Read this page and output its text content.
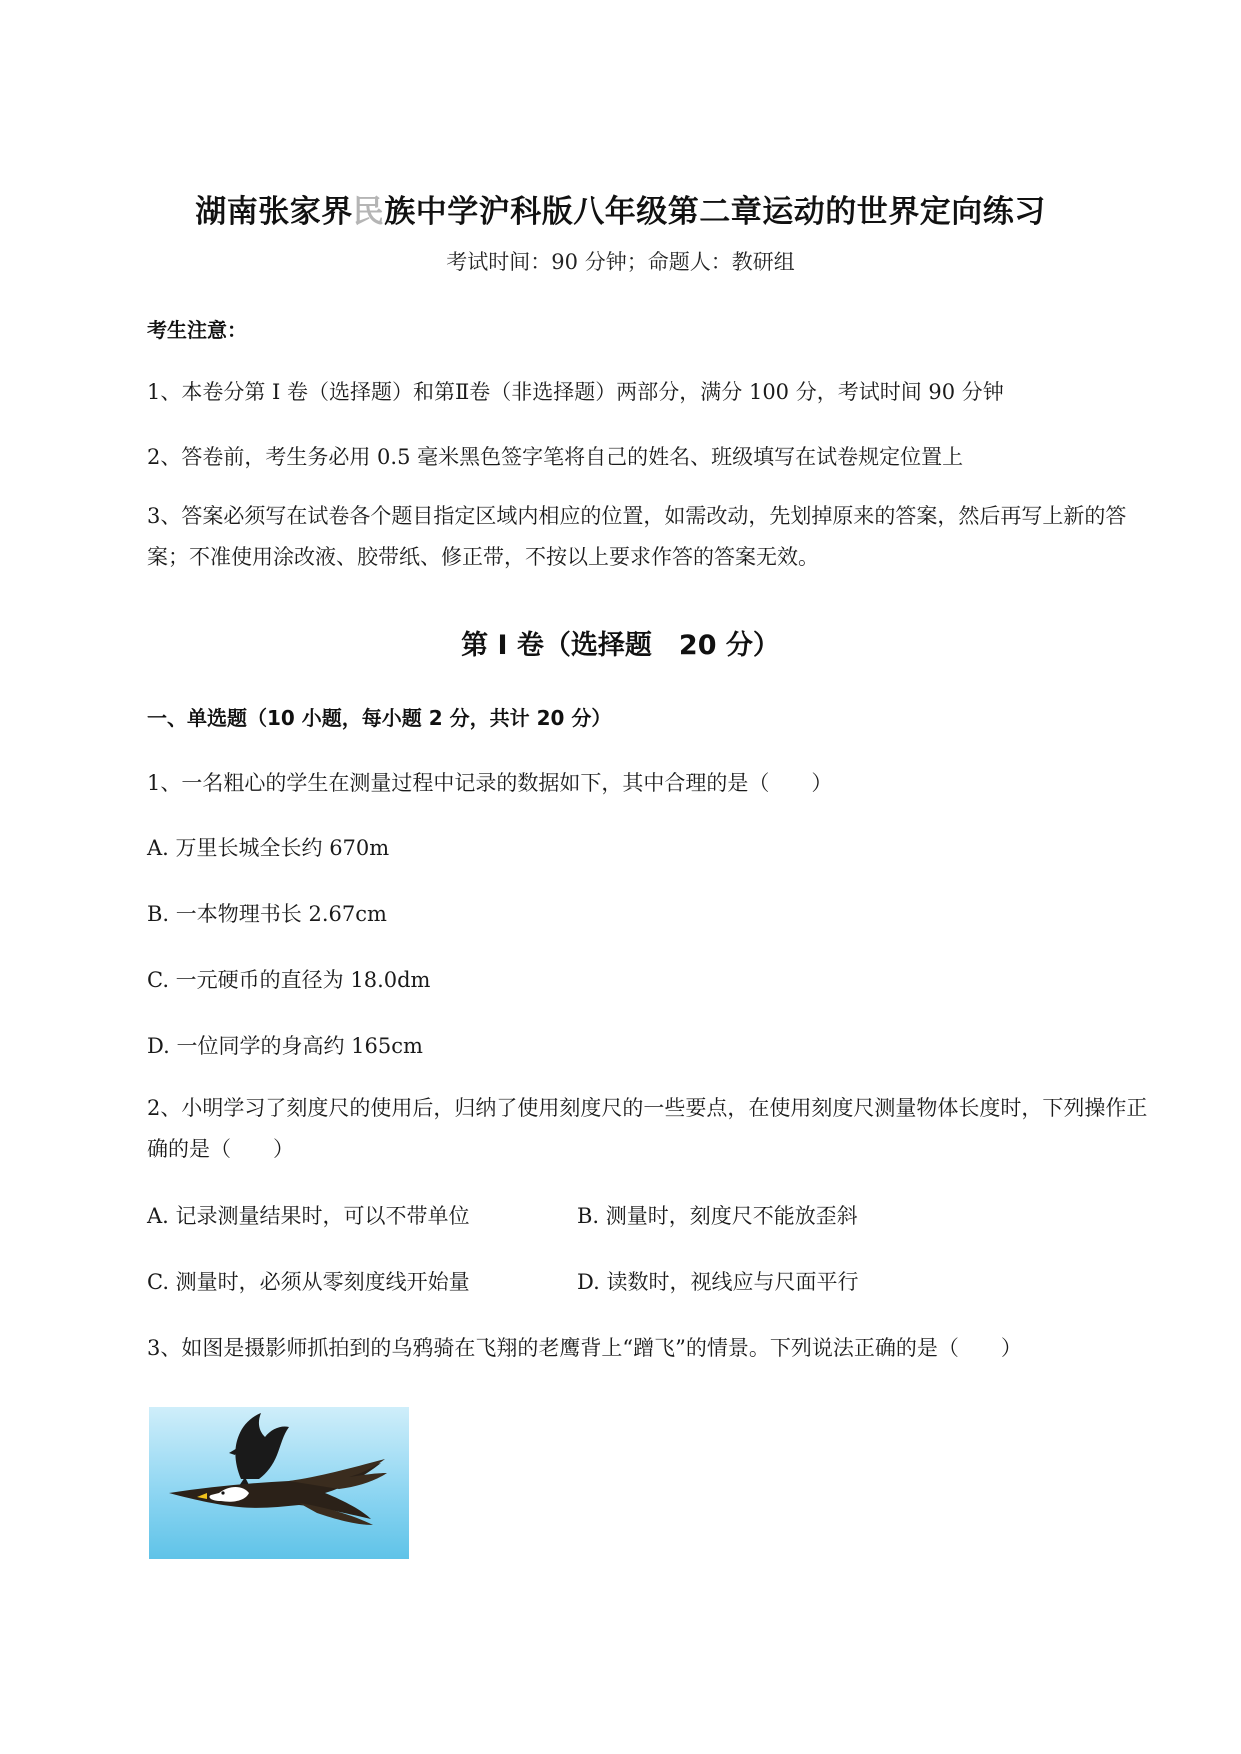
湖南张家界民族中学沪科版八年级第二章运动的世界定向练习
考试时间：90 分钟；命题人：教研组
考生注意：
1、本卷分第 I 卷（选择题）和第Ⅱ卷（非选择题）两部分，满分 100 分，考试时间 90 分钟
2、答卷前，考生务必用 0.5 毫米黑色签字笔将自己的姓名、班级填写在试卷规定位置上
3、答案必须写在试卷各个题目指定区域内相应的位置，如需改动，先划掉原来的答案，然后再写上新的答案；不准使用涂改液、胶带纸、修正带，不按以上要求作答的答案无效。
第 I 卷（选择题　20 分）
一、单选题（10 小题，每小题 2 分，共计 20 分）
1、一名粗心的学生在测量过程中记录的数据如下，其中合理的是（　　）
A. 万里长城全长约 670m
B. 一本物理书长 2.67cm
C. 一元硬币的直径为 18.0dm
D. 一位同学的身高约 165cm
2、小明学习了刻度尺的使用后，归纳了使用刻度尺的一些要点，在使用刻度尺测量物体长度时，下列操作正确的是（　　）
A. 记录测量结果时，可以不带单位	B. 测量时，刻度尺不能放歪斜
C. 测量时，必须从零刻度线开始量	D. 读数时，视线应与尺面平行
3、如图是摄影师抓拍到的乌鸦骑在飞翔的老鹰背上“蹭飞”的情景。下列说法正确的是（　　）
